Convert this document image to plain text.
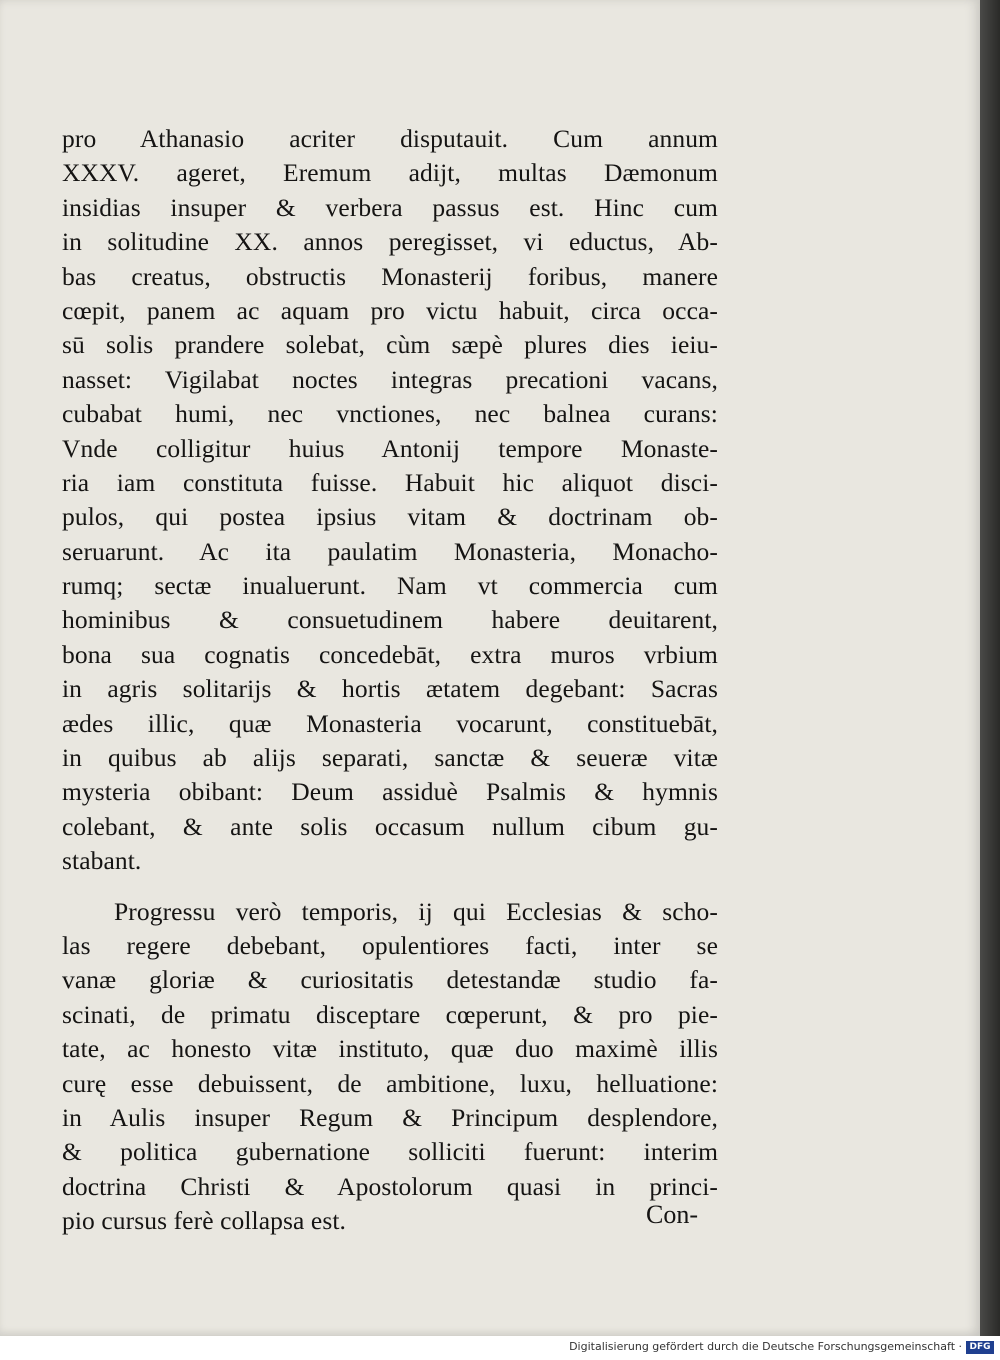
pro Athanasio acriter disputauit. Cum annum
XXXV. ageret, Eremum adijt, multas Dæmonum
insidias insuper & verbera passus est. Hinc cum
in solitudine XX. annos peregisset, vi eductus, Ab-
bas creatus, obstructis Monasterij foribus, manere
cœpit, panem ac aquam pro victu habuit, circa occa-
sū solis prandere solebat, cùm sæpè plures dies ieiu-
nasset: Vigilabat noctes integras precationi vacans,
cubabat humi, nec vnctiones, nec balnea curans:
Vnde colligitur huius Antonij tempore Monaste-
ria iam constituta fuisse. Habuit hic aliquot disci-
pulos, qui postea ipsius vitam & doctrinam ob-
seruarunt. Ac ita paulatim Monasteria, Monacho-
rumq; sectæ inualuerunt. Nam vt commercia cum
hominibus & consuetudinem habere deuitarent,
bona sua cognatis concedebāt, extra muros vrbium
in agris solitarijs & hortis ætatem degebant: Sacras
ædes illic, quæ Monasteria vocarunt, constituebāt,
in quibus ab alijs separati, sanctæ & seueræ vitæ
mysteria obibant: Deum assiduè Psalmis & hymnis
colebant, & ante solis occasum nullum cibum gu-
stabant.
Progressu verò temporis, ij qui Ecclesias & scho-
las regere debebant, opulentiores facti, inter se
vanæ gloriæ & curiositatis detestandæ studio fa-
scinati, de primatu disceptare cœperunt, & pro pie-
tate, ac honesto vitæ instituto, quæ duo maximè illis
curę esse debuissent, de ambitione, luxu, helluatione:
in Aulis insuper Regum & Principum desplendore,
& politica gubernatione solliciti fuerunt: interim
doctrina Christi & Apostolorum quasi in princi-
pio cursus ferè collapsa est.	Con-
Digitalisierung gefördert durch die Deutsche Forschungsgemeinschaft · DFG
